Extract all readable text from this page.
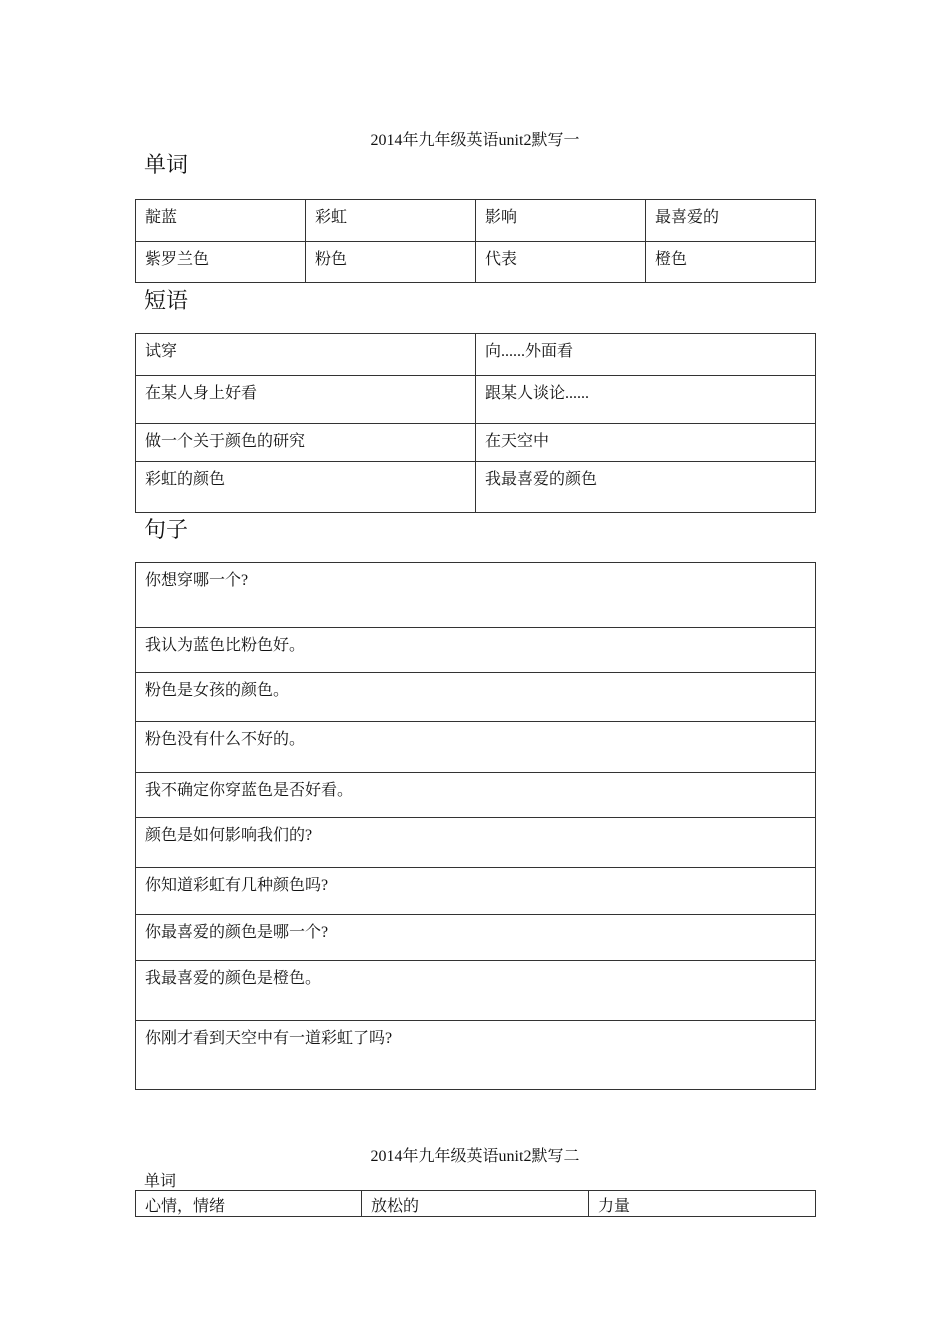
2014年九年级英语unit2默写一
单词
靛蓝	彩虹	影响	最喜爱的
紫罗兰色	粉色	代表	橙色
短语
试穿	向......外面看
在某人身上好看	跟某人谈论......
做一个关于颜色的研究	在天空中
彩虹的颜色	我最喜爱的颜色
句子
你想穿哪一个?
我认为蓝色比粉色好。
粉色是女孩的颜色。
粉色没有什么不好的。
我不确定你穿蓝色是否好看。
颜色是如何影响我们的?
你知道彩虹有几种颜色吗?
你最喜爱的颜色是哪一个?
我最喜爱的颜色是橙色。
你刚才看到天空中有一道彩虹了吗?
2014年九年级英语unit2默写二
单词
心情，情绪	放松的	力量
